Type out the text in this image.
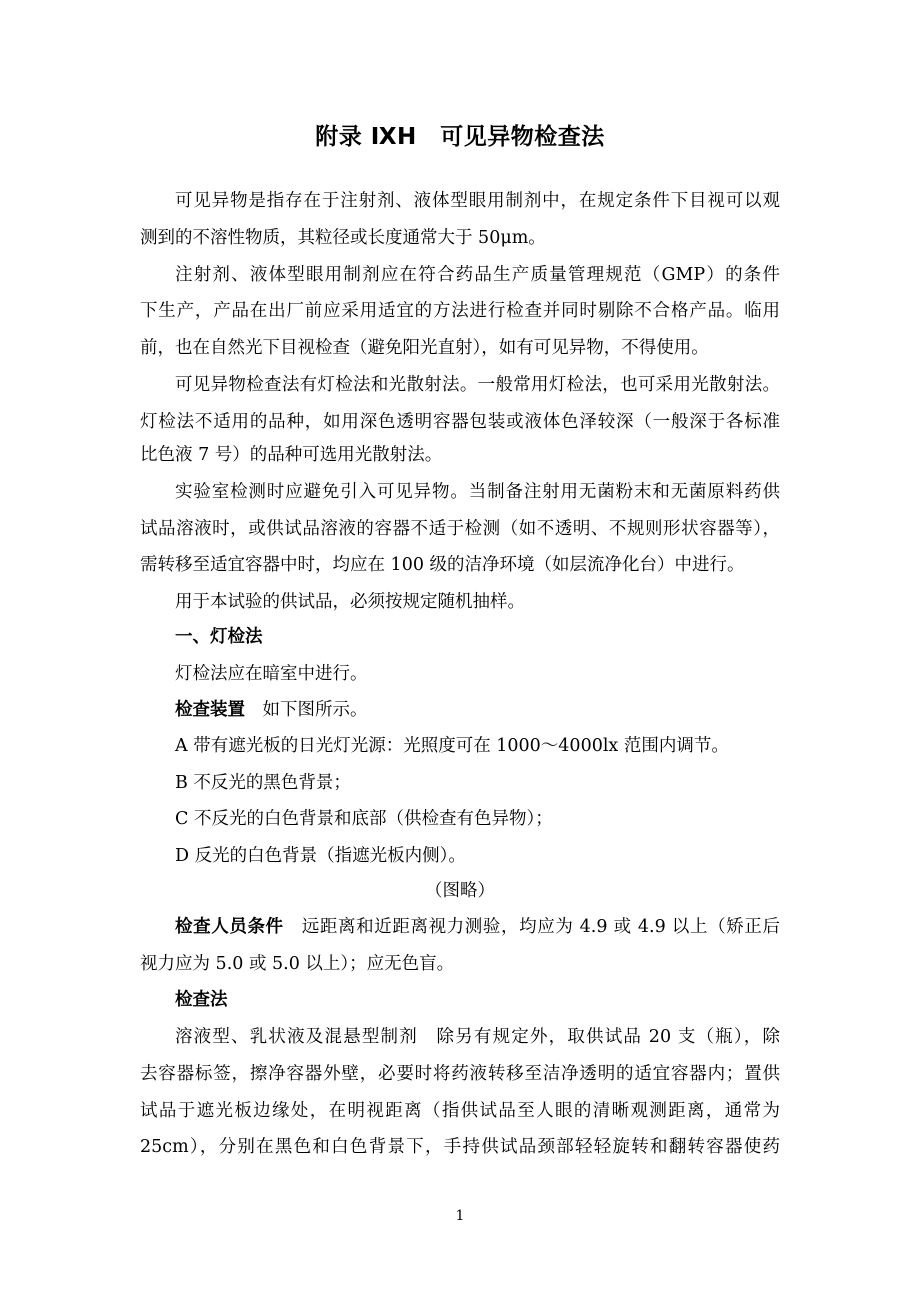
附录 ⅨH　可见异物检查法
可见异物是指存在于注射剂、液体型眼用制剂中，在规定条件下目视可以观
测到的不溶性物质，其粒径或长度通常大于 50μm。
注射剂、液体型眼用制剂应在符合药品生产质量管理规范（GMP）的条件
下生产，产品在出厂前应采用适宜的方法进行检查并同时剔除不合格产品。临用
前，也在自然光下目视检查（避免阳光直射），如有可见异物，不得使用。
可见异物检查法有灯检法和光散射法。一般常用灯检法，也可采用光散射法。
灯检法不适用的品种，如用深色透明容器包装或液体色泽较深（一般深于各标准
比色液 7 号）的品种可选用光散射法。
实验室检测时应避免引入可见异物。当制备注射用无菌粉末和无菌原料药供
试品溶液时，或供试品溶液的容器不适于检测（如不透明、不规则形状容器等），
需转移至适宜容器中时，均应在 100 级的洁净环境（如层流净化台）中进行。
用于本试验的供试品，必须按规定随机抽样。
一、灯检法
灯检法应在暗室中进行。
检查装置　如下图所示。
A 带有遮光板的日光灯光源：光照度可在 1000～4000lx 范围内调节。
B 不反光的黑色背景；
C 不反光的白色背景和底部（供检查有色异物）；
D 反光的白色背景（指遮光板内侧）。
（图略）
检查人员条件　远距离和近距离视力测验，均应为 4.9 或 4.9 以上（矫正后
视力应为 5.0 或 5.0 以上）；应无色盲。
检查法
溶液型、乳状液及混悬型制剂　除另有规定外，取供试品 20 支（瓶），除
去容器标签，擦净容器外壁，必要时将药液转移至洁净透明的适宜容器内；置供
试品于遮光板边缘处，在明视距离（指供试品至人眼的清晰观测距离，通常为
25cm），分别在黑色和白色背景下，手持供试品颈部轻轻旋转和翻转容器使药
1
